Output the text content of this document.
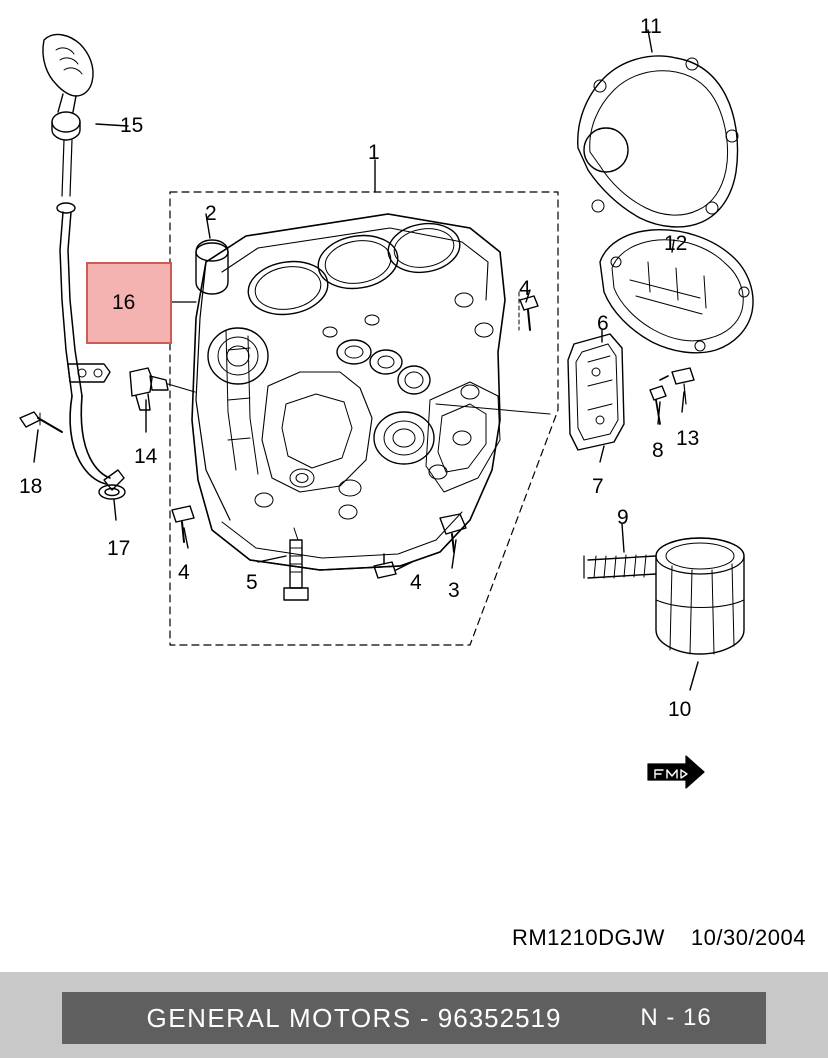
11
15
1
2
12
4
16
6
8
13
14
7
18
9
17
4	5	4 3
10
RM1210DGJW 10/30/2004
GENERAL MOTORS - 96352519	N - 16
